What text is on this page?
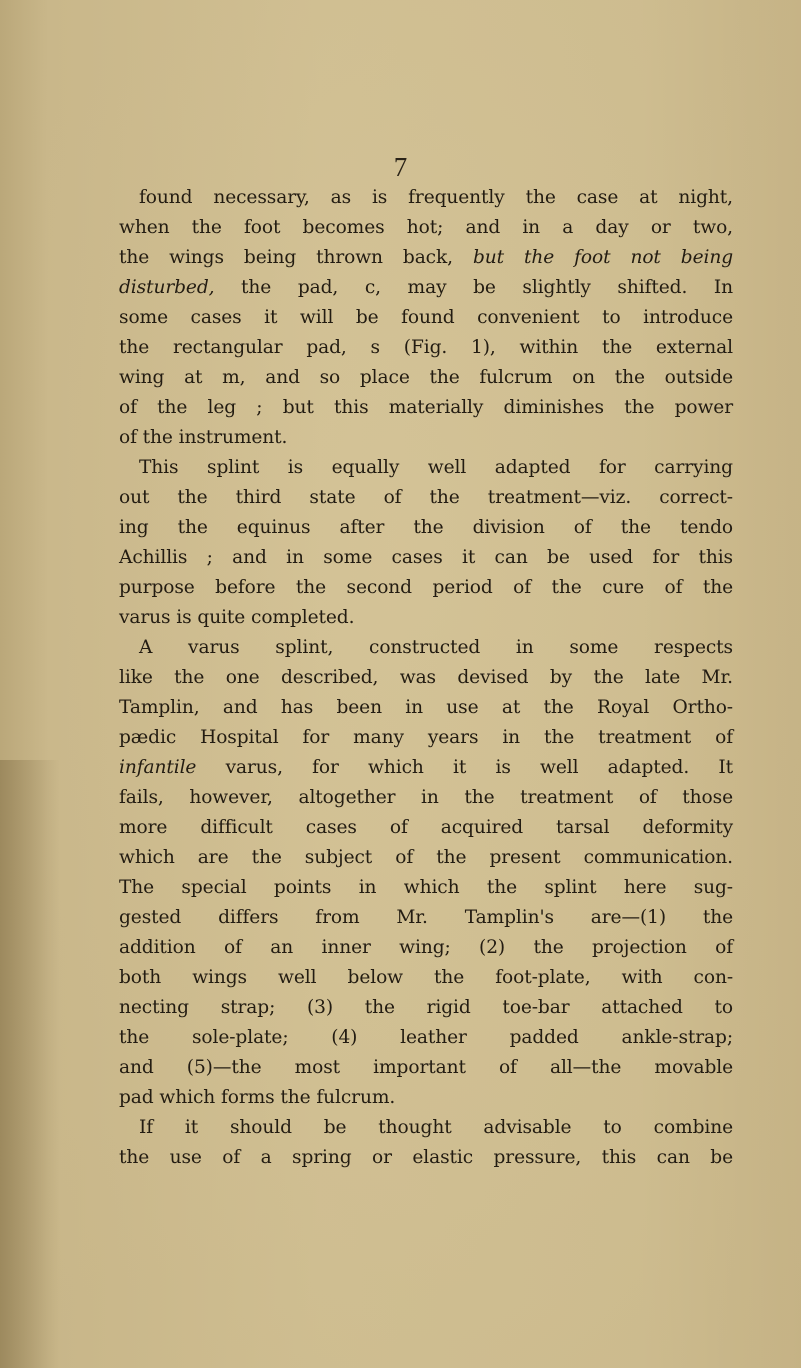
7
found necessary, as is frequently the case at night,
when the foot becomes hot; and in a day or two,
the wings being thrown back, but the foot not being
disturbed, the pad, c, may be slightly shifted. In
some cases it will be found convenient to introduce
the rectangular pad, s (Fig. 1), within the external
wing at m, and so place the fulcrum on the outside
of the leg ; but this materially diminishes the power
of the instrument.
This splint is equally well adapted for carrying
out the third state of the treatment—viz. correct-
ing the equinus after the division of the tendo
Achillis ; and in some cases it can be used for this
purpose before the second period of the cure of the
varus is quite completed.
A varus splint, constructed in some respects
like the one described, was devised by the late Mr.
Tamplin, and has been in use at the Royal Ortho-
pædic Hospital for many years in the treatment of
infantile varus, for which it is well adapted. It
fails, however, altogether in the treatment of those
more difficult cases of acquired tarsal deformity
which are the subject of the present communication.
The special points in which the splint here sug-
gested differs from Mr. Tamplin's are—(1) the
addition of an inner wing; (2) the projection of
both wings well below the foot-plate, with con-
necting strap; (3) the rigid toe-bar attached to
the sole-plate; (4) leather padded ankle-strap;
and (5)—the most important of all—the movable
pad which forms the fulcrum.
If it should be thought advisable to combine
the use of a spring or elastic pressure, this can be
